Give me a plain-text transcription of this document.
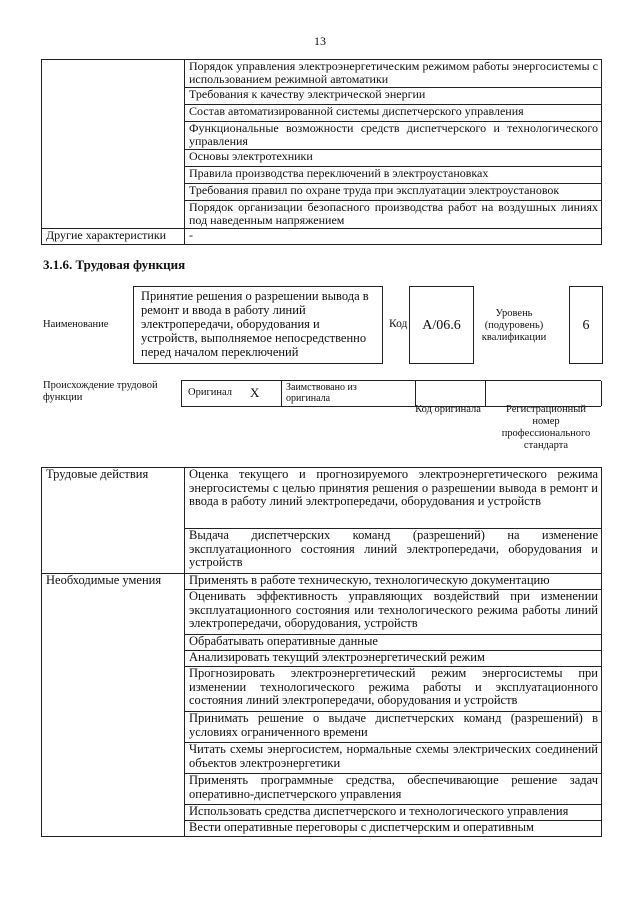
13
	Порядок управления электроэнергетическим режимом работы энергосистемы с использованием режимной автоматики
	Требования к качеству электрической энергии
	Состав автоматизированной системы диспетчерского управления
	Функциональные возможности средств диспетчерского и технологического управления
	Основы электротехники
	Правила производства переключений в электроустановках
	Требования правил по охране труда при эксплуатации электроустановок
	Порядок организации безопасного производства работ на воздушных линиях под наведенным напряжением
Другие характеристики	-
3.1.6. Трудовая функция
Наименование
Принятие решения о разрешении вывода в ремонт и ввода в работу линий электропередачи, оборудования и устройств, выполняемое непосредственно перед началом переключений
Код	A/06.6
Уровень (подуровень) квалификации
6
Происхождение трудовой функции	Оригинал X	Заимствовано из оригинала
Код оригинала	Регистрационный номер профессионального стандарта
Трудовые действия	Оценка текущего и прогнозируемого электроэнергетического режима энергосистемы с целью принятия решения о разрешении вывода в ремонт и ввода в работу линий электропередачи, оборудования и устройств
	Выдача диспетчерских команд (разрешений) на изменение эксплуатационного состояния линий электропередачи, оборудования и устройств
Необходимые умения	Применять в работе техническую, технологическую документацию
	Оценивать эффективность управляющих воздействий при изменении эксплуатационного состояния или технологического режима работы линий электропередачи, оборудования, устройств
	Обрабатывать оперативные данные
	Анализировать текущий электроэнергетический режим
	Прогнозировать электроэнергетический режим энергосистемы при изменении технологического режима работы и эксплуатационного состояния линий электропередачи, оборудования и устройств
	Принимать решение о выдаче диспетчерских команд (разрешений) в условиях ограниченного времени
	Читать схемы энергосистем, нормальные схемы электрических соединений объектов электроэнергетики
	Применять программные средства, обеспечивающие решение задач оперативно-диспетчерского управления
	Использовать средства диспетчерского и технологического управления
	Вести оперативные переговоры с диспетчерским и оперативным
